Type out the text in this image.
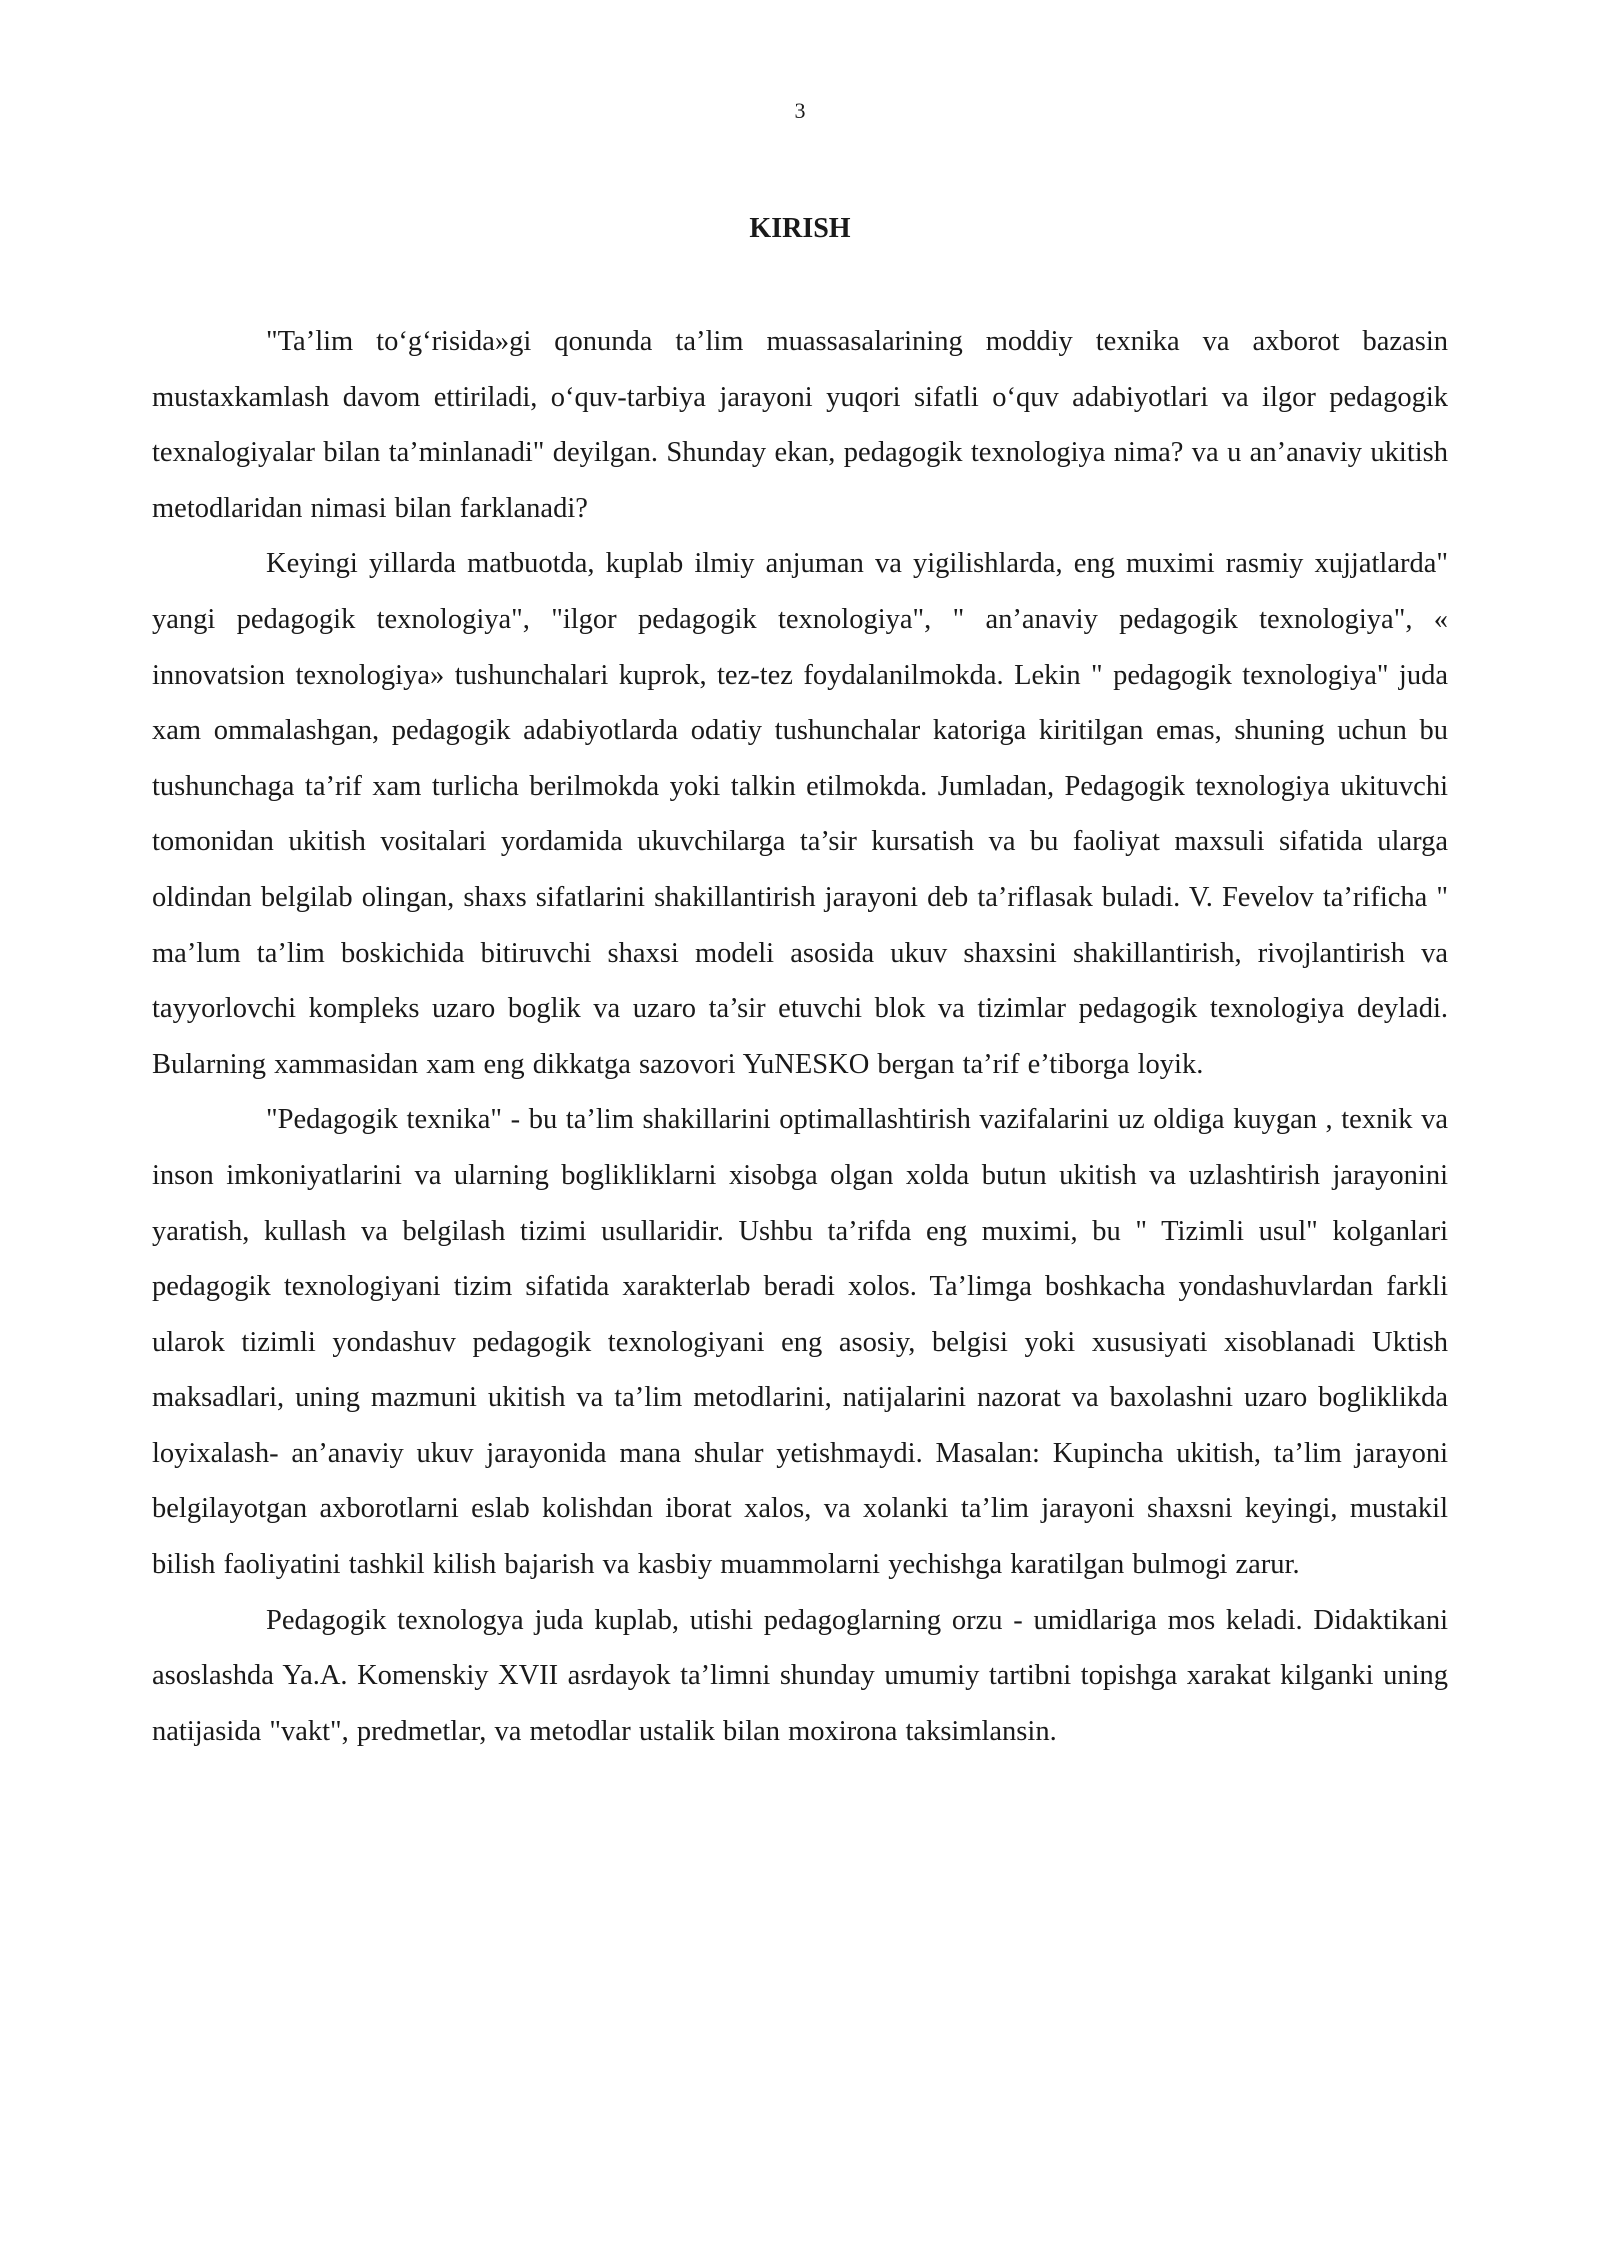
3
KIRISH

"Ta’lim to‘g‘risida»gi qonunda ta’lim muassasalarining moddiy texnika va axborot bazasin mustaxkamlash davom ettiriladi, o‘quv-tarbiya jarayoni yuqori sifatli o‘quv adabiyotlari va ilgor pedagogik texnalogiyalar bilan ta’minlanadi" deyilgan. Shunday ekan, pedagogik texnologiya nima? va u an’anaviy ukitish metodlaridan nimasi bilan farklanadi?

Keyingi yillarda matbuotda, kuplab ilmiy anjuman va yigilishlarda, eng muximi rasmiy xujjatlarda" yangi pedagogik texnologiya", "ilgor pedagogik texnologiya", " an’anaviy pedagogik texnologiya", « innovatsion texnologiya» tushunchalari kuprok, tez-tez foydalanilmokda. Lekin " pedagogik texnologiya" juda xam ommalashgan, pedagogik adabiyotlarda odatiy tushunchalar katoriga kiritilgan emas, shuning uchun bu tushunchaga ta’rif xam turlicha berilmokda yoki talkin etilmokda. Jumladan, Pedagogik texnologiya ukituvchi tomonidan ukitish vositalari yordamida ukuvchilarga ta’sir kursatish va bu faoliyat maxsuli sifatida ularga oldindan belgilab olingan, shaxs sifatlarini shakillantirish jarayoni deb ta’riflasak buladi. V. Fevelov ta’rificha " ma’lum ta’lim boskichida bitiruvchi shaxsi modeli asosida ukuv shaxsini shakillantirish, rivojlantirish va tayyorlovchi kompleks uzaro boglik va uzaro ta’sir etuvchi blok va tizimlar pedagogik texnologiya deyladi. Bularning xammasidan xam eng dikkatga sazovori YuNESKO bergan ta’rif e’tiborga loyik.

"Pedagogik texnika" - bu ta’lim shakillarini optimallashtirish vazifalarini uz oldiga kuygan , texnik va inson imkoniyatlarini va ularning boglikliklarni xisobga olgan xolda butun ukitish va uzlashtirish jarayonini yaratish, kullash va belgilash tizimi usullaridir. Ushbu ta’rifda eng muximi, bu " Tizimli usul" kolganlari pedagogik texnologiyani tizim sifatida xarakterlab beradi xolos. Ta’limga boshkacha yondashuvlardan farkli ularok tizimli yondashuv pedagogik texnologiyani eng asosiy, belgisi yoki xususiyati xisoblanadi Uktish maksadlari, uning mazmuni ukitish va ta’lim metodlarini, natijalarini nazorat va baxolashni uzaro bogliklikda loyixalash- an’anaviy ukuv jarayonida mana shular yetishmaydi. Masalan: Kupincha ukitish, ta’lim jarayoni belgilayotgan axborotlarni eslab kolishdan iborat xalos, va xolanki ta’lim jarayoni shaxsni keyingi, mustakil bilish faoliyatini tashkil kilish bajarish va kasbiy muammolarni yechishga karatilgan bulmogi zarur.

Pedagogik texnologya juda kuplab, utishi pedagoglarning orzu - umidlariga mos keladi. Didaktikani asoslashda Ya.A. Komenskiy XVII asrdayok ta’limni shunday umumiy tartibni topishga xarakat kilganki uning natijasida "vakt", predmetlar, va metodlar ustalik bilan moxirona taksimlansin.
